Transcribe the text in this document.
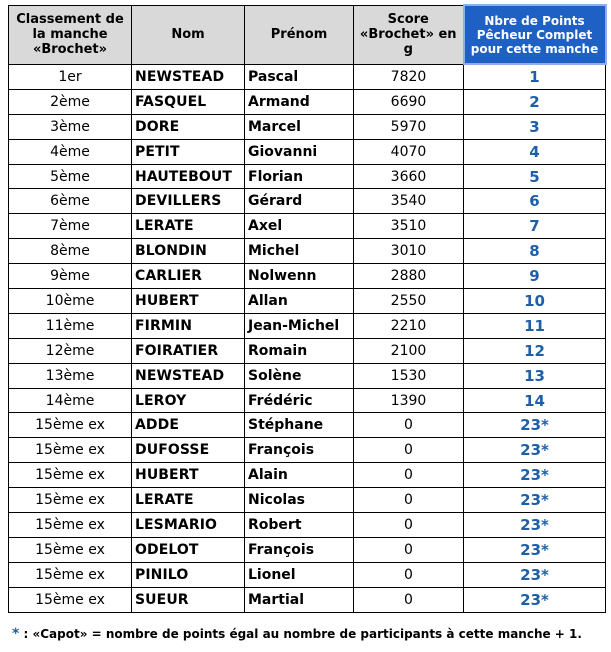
Classement de la manche «Brochet»	Nom	Prénom	Score «Brochet» en g	Nbre de Points Pêcheur Complet pour cette manche

1er	NEWSTEAD	Pascal	7820	1
2ème	FASQUEL	Armand	6690	2
3ème	DORE	Marcel	5970	3
4ème	PETIT	Giovanni	4070	4
5ème	HAUTEBOUT	Florian	3660	5
6ème	DEVILLERS	Gérard	3540	6
7ème	LERATE	Axel	3510	7
8ème	BLONDIN	Michel	3010	8
9ème	CARLIER	Nolwenn	2880	9
10ème	HUBERT	Allan	2550	10
11ème	FIRMIN	Jean-Michel	2210	11
12ème	FOIRATIER	Romain	2100	12
13ème	NEWSTEAD	Solène	1530	13
14ème	LEROY	Frédéric	1390	14
15ème ex	ADDE	Stéphane	0	23*
15ème ex	DUFOSSE	François	0	23*
15ème ex	HUBERT	Alain	0	23*
15ème ex	LERATE	Nicolas	0	23*
15ème ex	LESMARIO	Robert	0	23*
15ème ex	ODELOT	François	0	23*
15ème ex	PINILO	Lionel	0	23*
15ème ex	SUEUR	Martial	0	23*
* : «Capot» = nombre de points égal au nombre de participants à cette manche + 1.
